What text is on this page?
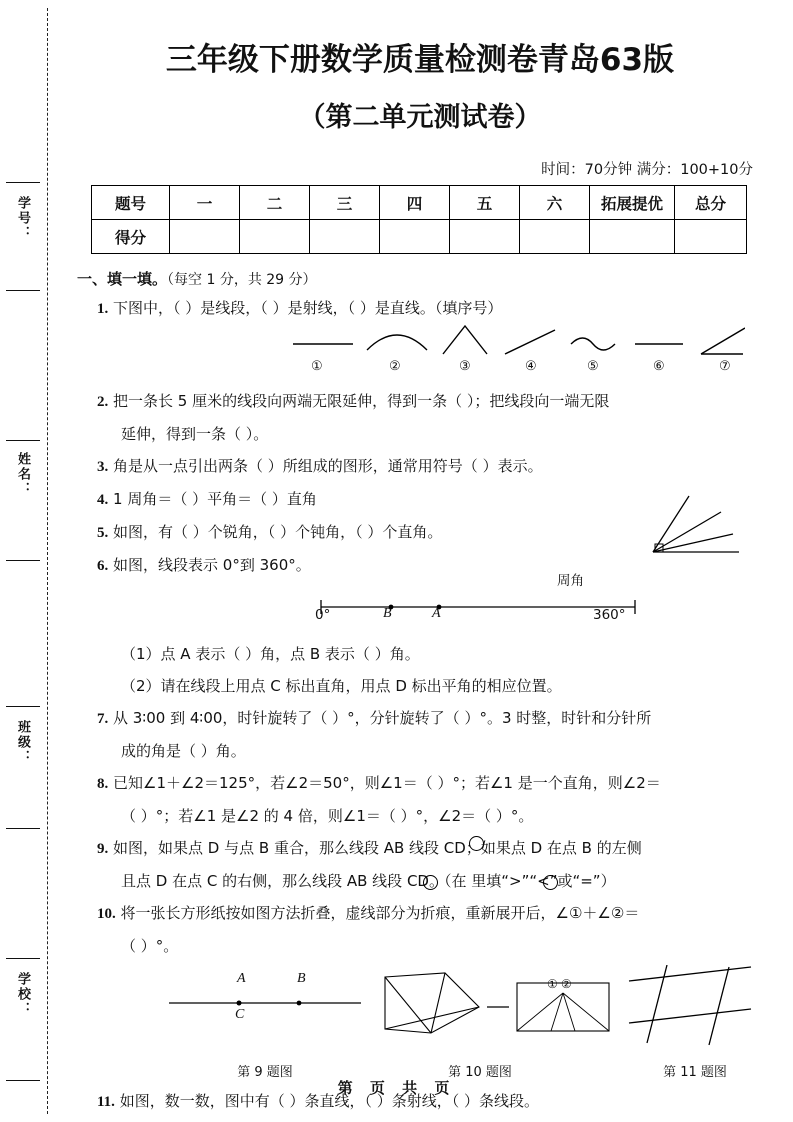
学号：
姓名：
班级：
学校：
三年级下册数学质量检测卷青岛63版
（第二单元测试卷）
时间：70分钟 满分：100+10分
题号	一	二	三	四	五	六	拓展提优	总分
得分								
一、填一填。（每空 1 分，共 29 分）
1. 下图中，（ ）是线段，（ ）是射线，（ ）是直线。（填序号）
①	②	③	④	⑤	⑥	⑦
2. 把一条长 5 厘米的线段向两端无限延伸，得到一条（ ）；把线段向一端无限
延伸，得到一条（ ）。
3. 角是从一点引出两条（ ）所组成的图形，通常用符号（ ）表示。
4. 1 周角＝（ ）平角＝（ ）直角
5. 如图，有（ ）个锐角，（ ）个钝角，（ ）个直角。
6. 如图，线段表示 0°到 360°。
周角
0°	B	A	360°
（1）点 A 表示（ ）角，点 B 表示（ ）角。
（2）请在线段上用点 C 标出直角，用点 D 标出平角的相应位置。
7. 从 3∶00 到 4∶00，时针旋转了（ ）°，分针旋转了（ ）°。3 时整，时针和分针所
成的角是（ ）角。
8. 已知∠1＋∠2＝125°，若∠2＝50°，则∠1＝（ ）°；若∠1 是一个直角，则∠2＝
（ ）°；若∠1 是∠2 的 4 倍，则∠1＝（ ）°，∠2＝（ ）°。
9. 如图，如果点 D 与点 B 重合，那么线段 AB 线段 CD；如果点 D 在点 B 的左侧
且点 D 在点 C 的右侧，那么线段 AB 线段 CD。（在 里填“>”“<”或“=”）
10. 将一张长方形纸按如图方法折叠，虚线部分为折痕，重新展开后，∠①＋∠②＝
（ ）°。
A	B
C
① ②
第 9 题图	第 10 题图	第 11 题图
11. 如图，数一数，图中有（ ）条直线，（ ）条射线，（ ）条线段。
第 页 共 页
